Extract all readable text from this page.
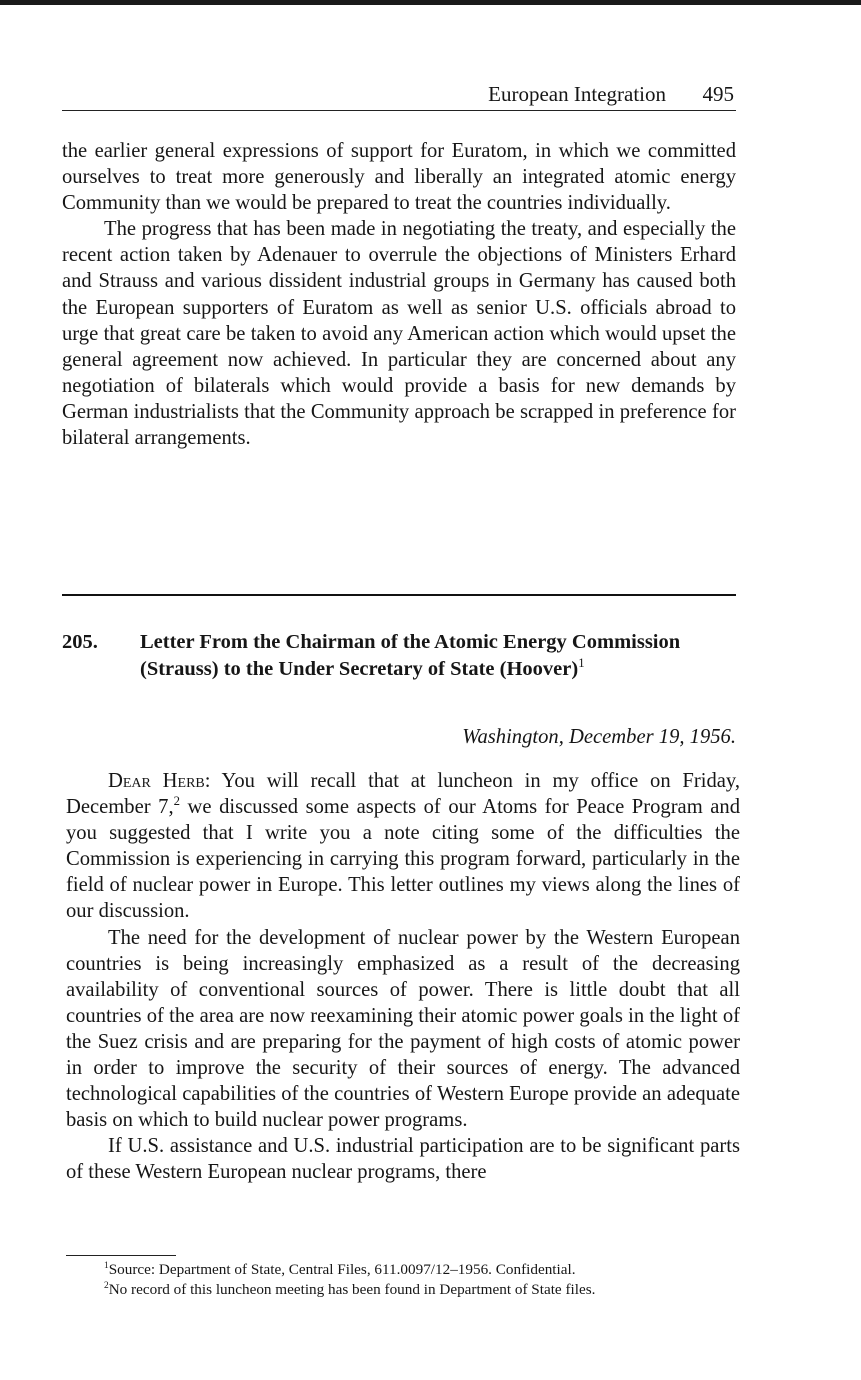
European Integration 495

the earlier general expressions of support for Euratom, in which we committed ourselves to treat more generously and liberally an integrated atomic energy Community than we would be prepared to treat the countries individually.

The progress that has been made in negotiating the treaty, and especially the recent action taken by Adenauer to overrule the objections of Ministers Erhard and Strauss and various dissident industrial groups in Germany has caused both the European supporters of Euratom as well as senior U.S. officials abroad to urge that great care be taken to avoid any American action which would upset the general agreement now achieved. In particular they are concerned about any negotiation of bilaterals which would provide a basis for new demands by German industrialists that the Community approach be scrapped in preference for bilateral arrangements.

205. Letter From the Chairman of the Atomic Energy Commission (Strauss) to the Under Secretary of State (Hoover)$^1$
Washington, December 19, 1956.

Dear Herb: You will recall that at luncheon in my office on Friday, December 7,$^2$ we discussed some aspects of our Atoms for Peace Program and you suggested that I write you a note citing some of the difficulties the Commission is experiencing in carrying this program forward, particularly in the field of nuclear power in Europe. This letter outlines my views along the lines of our discussion.

The need for the development of nuclear power by the Western European countries is being increasingly emphasized as a result of the decreasing availability of conventional sources of power. There is little doubt that all countries of the area are now reexamining their atomic power goals in the light of the Suez crisis and are preparing for the payment of high costs of atomic power in order to improve the security of their sources of energy. The advanced technological capabilities of the countries of Western Europe provide an adequate basis on which to build nuclear power programs.

If U.S. assistance and U.S. industrial participation are to be significant parts of these Western European nuclear programs, there

$^1$Source: Department of State, Central Files, 611.0097/12–1956. Confidential.

$^2$No record of this luncheon meeting has been found in Department of State files.
